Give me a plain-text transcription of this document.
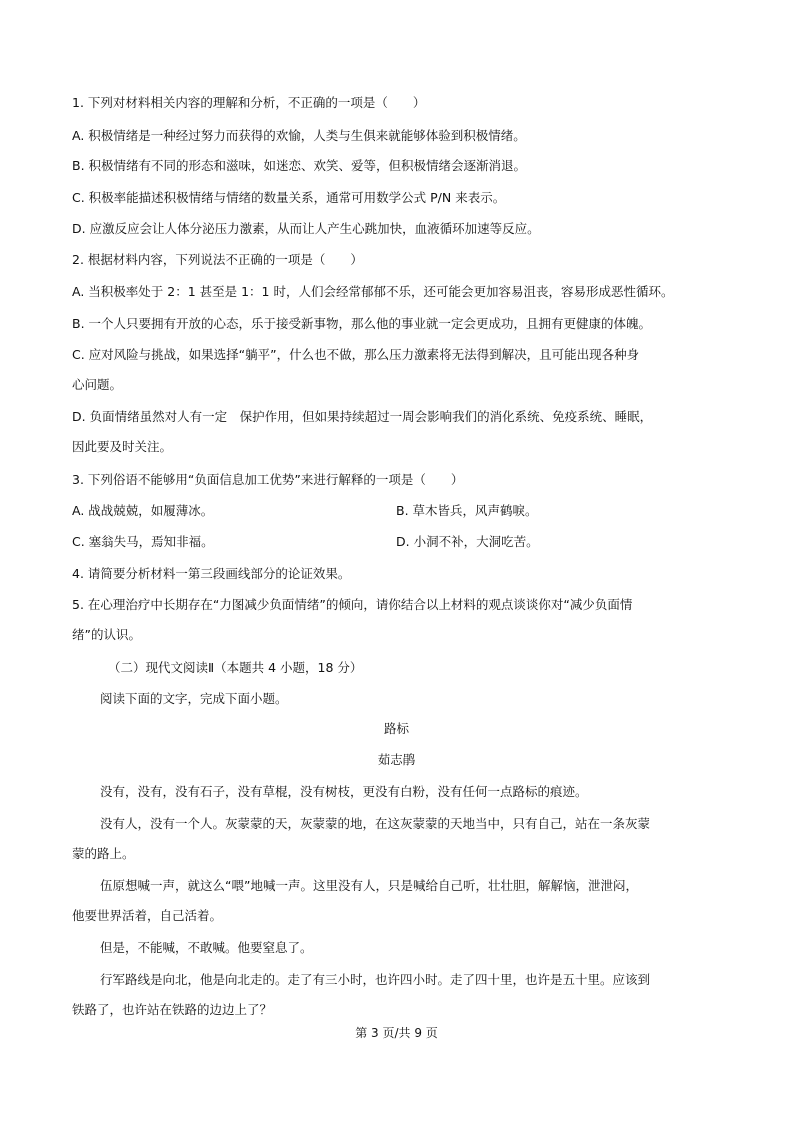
1. 下列对材料相关内容的理解和分析，不正确的一项是（　　）
A. 积极情绪是一种经过努力而获得的欢愉，人类与生俱来就能够体验到积极情绪。
B. 积极情绪有不同的形态和滋味，如迷恋、欢笑、爱等，但积极情绪会逐渐消退。
C. 积极率能描述积极情绪与情绪的数量关系，通常可用数学公式 P/N 来表示。
D. 应激反应会让人体分泌压力激素，从而让人产生心跳加快，血液循环加速等反应。
2. 根据材料内容，下列说法不正确的一项是（　　）
A. 当积极率处于 2：1 甚至是 1：1 时，人们会经常郁郁不乐，还可能会更加容易沮丧，容易形成恶性循环。
B. 一个人只要拥有开放的心态，乐于接受新事物，那么他的事业就一定会更成功，且拥有更健康的体魄。
C. 应对风险与挑战，如果选择“躺平”，什么也不做，那么压力激素将无法得到解决，且可能出现各种身
心问题。
D. 负面情绪虽然对人有一定　保护作用，但如果持续超过一周会影响我们的消化系统、免疫系统、睡眠，
因此要及时关注。
3. 下列俗语不能够用“负面信息加工优势”来进行解释的一项是（　　）
A. 战战兢兢，如履薄冰。	B. 草木皆兵，风声鹤唳。
C. 塞翁失马，焉知非福。	D. 小洞不补，大洞吃苦。
4. 请简要分析材料一第三段画线部分的论证效果。
5. 在心理治疗中长期存在“力图减少负面情绪”的倾向，请你结合以上材料的观点谈谈你对“减少负面情
绪”的认识。
（二）现代文阅读Ⅱ（本题共 4 小题，18 分）
阅读下面的文字，完成下面小题。
路标
茹志鹃
没有，没有，没有石子，没有草棍，没有树枝，更没有白粉，没有任何一点路标的痕迹。
没有人，没有一个人。灰蒙蒙的天，灰蒙蒙的地，在这灰蒙蒙的天地当中，只有自己，站在一条灰蒙
蒙的路上。
伍原想喊一声，就这么“喂”地喊一声。这里没有人，只是喊给自己听，壮壮胆，解解恼，泄泄闷，
他要世界活着，自己活着。
但是，不能喊，不敢喊。他要窒息了。
行军路线是向北，他是向北走的。走了有三小时，也许四小时。走了四十里，也许是五十里。应该到
铁路了，也许站在铁路的边边上了？
第 3 页/共 9 页
